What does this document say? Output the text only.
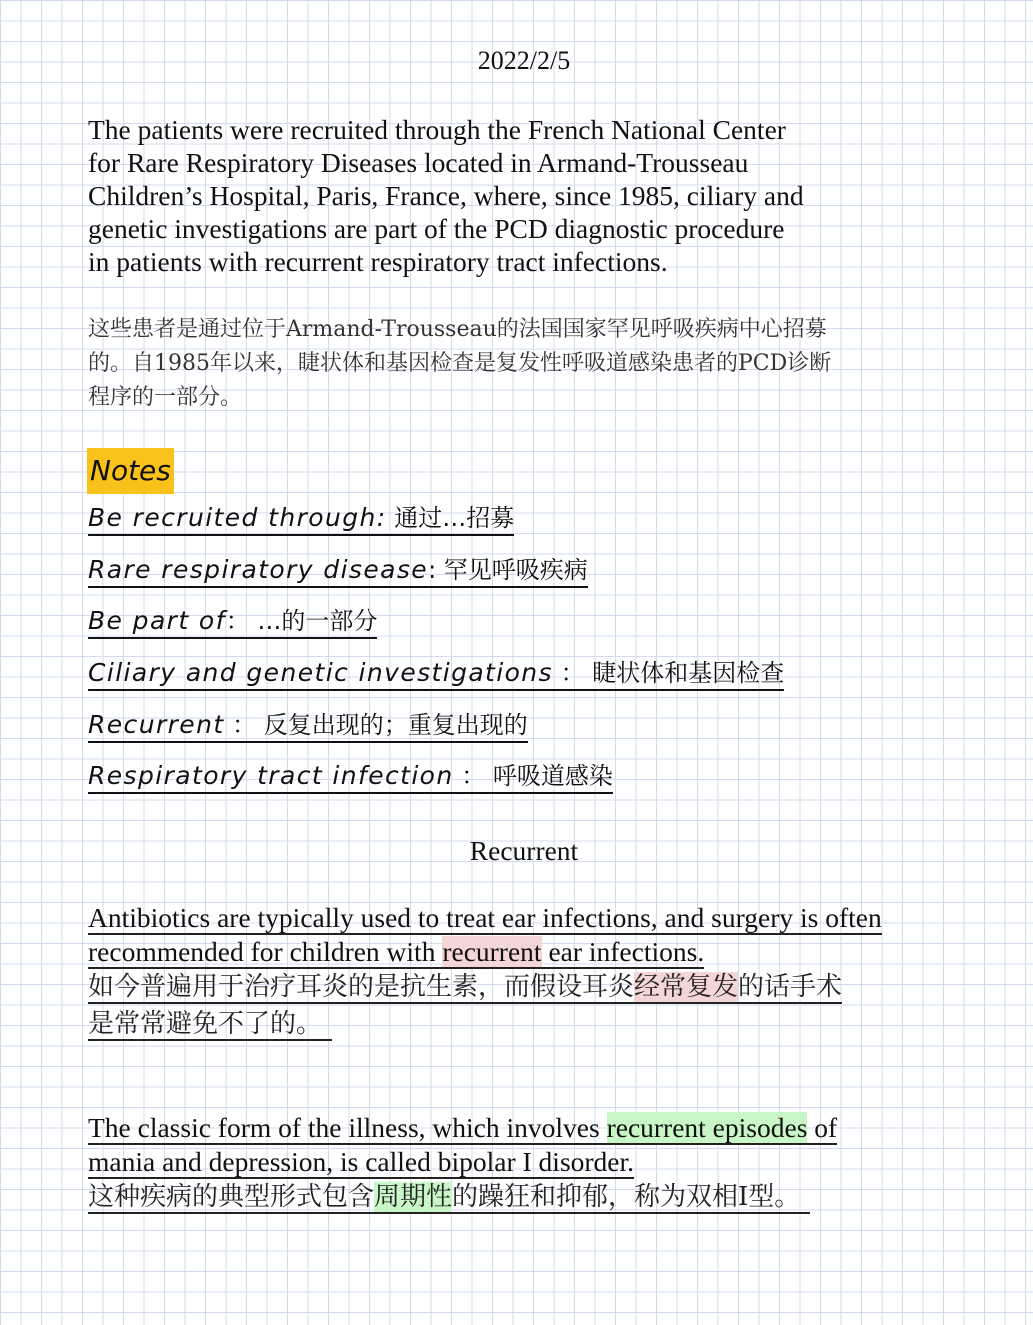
2022/2/5
The patients were recruited through the French National Center
for Rare Respiratory Diseases located in Armand-Trousseau
Children’s Hospital, Paris, France, where, since 1985, ciliary and
genetic investigations are part of the PCD diagnostic procedure
in patients with recurrent respiratory tract infections.
这些患者是通过位于Armand-Trousseau的法国国家罕见呼吸疾病中心招募
的。自1985年以来，睫状体和基因检查是复发性呼吸道感染患者的PCD诊断
程序的一部分。
Notes
Be recruited through: 通过…招募
Rare respiratory disease: 罕见呼吸疾病
Be part of： …的一部分
Ciliary and genetic investigations ： 睫状体和基因检查
Recurrent ： 反复出现的；重复出现的
Respiratory tract infection ： 呼吸道感染
Recurrent
Antibiotics are typically used to treat ear infections, and surgery is often
recommended for children with recurrent ear infections.
如今普遍用于治疗耳炎的是抗生素，而假设耳炎经常复发的话手术
是常常避免不了的。
The classic form of the illness, which involves recurrent episodes of
mania and depression, is called bipolar I disorder.
这种疾病的典型形式包含周期性的躁狂和抑郁，称为双相I型。
